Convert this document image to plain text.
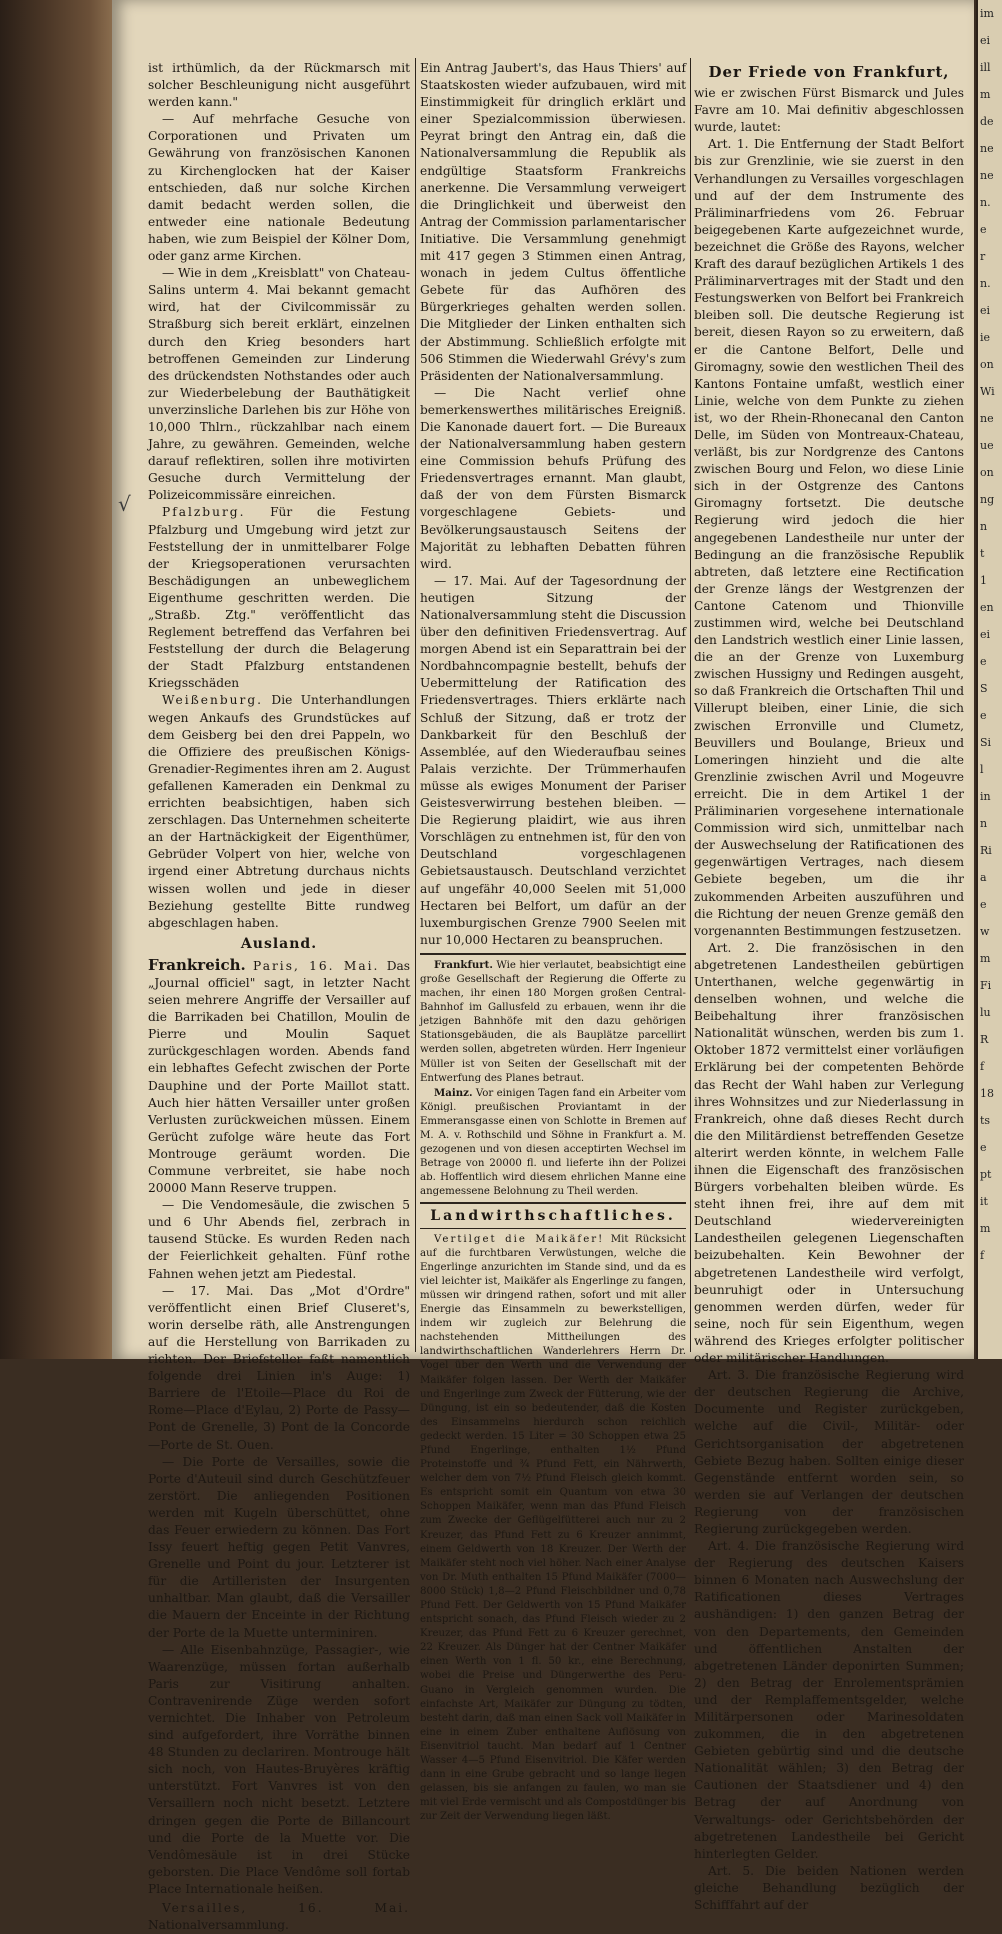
im
ei
ill
m
de
ne
ne
n.
e
r
n.
ei
ie
on
Wi
ne
ue
on
ng
n
t
1
en
ei
e
S
e
Si
l
in
n
Ri
a
e
w
m
Fi
lu
R
f
18
ts
e
pt
it
m
f
√

ist irthümlich, da der Rückmarsch mit solcher Beschleunigung nicht ausgeführt werden kann."

— Auf mehrfache Gesuche von Corporationen und Privaten um Gewährung von französischen Kanonen zu Kirchenglocken hat der Kaiser entschieden, daß nur solche Kirchen damit bedacht werden sollen, die entweder eine nationale Bedeutung haben, wie zum Beispiel der Kölner Dom, oder ganz arme Kirchen.

— Wie in dem „Kreisblatt" von Chateau-Salins unterm 4. Mai bekannt gemacht wird, hat der Civilcommissär zu Straßburg sich bereit erklärt, einzelnen durch den Krieg besonders hart betroffenen Gemeinden zur Linderung des drückendsten Nothstandes oder auch zur Wiederbelebung der Bauthätigkeit unverzinsliche Darlehen bis zur Höhe von 10,000 Thlrn., rückzahlbar nach einem Jahre, zu gewähren. Gemeinden, welche darauf reflektiren, sollen ihre motivirten Gesuche durch Vermittelung der Polizeicommissäre einreichen.

Pfalzburg. Für die Festung Pfalzburg und Umgebung wird jetzt zur Feststellung der in unmittelbarer Folge der Kriegsoperationen verursachten Beschädigungen an unbeweglichem Eigenthume geschritten werden. Die „Straßb. Ztg." veröffentlicht das Reglement betreffend das Verfahren bei Feststellung der durch die Belagerung der Stadt Pfalzburg entstandenen Kriegsschäden

Weißenburg. Die Unterhandlungen wegen Ankaufs des Grundstückes auf dem Geisberg bei den drei Pappeln, wo die Offiziere des preußischen Königs-Grenadier-Regimentes ihren am 2. August gefallenen Kameraden ein Denkmal zu errichten beabsichtigen, haben sich zerschlagen. Das Unternehmen scheiterte an der Hartnäckigkeit der Eigenthümer, Gebrüder Volpert von hier, welche von irgend einer Abtretung durchaus nichts wissen wollen und jede in dieser Beziehung gestellte Bitte rundweg abgeschlagen haben.

Ausland.

Frankreich. Paris, 16. Mai. Das „Journal officiel" sagt, in letzter Nacht seien mehrere Angriffe der Versailler auf die Barrikaden bei Chatillon, Moulin de Pierre und Moulin Saquet zurückgeschlagen worden. Abends fand ein lebhaftes Gefecht zwischen der Porte Dauphine und der Porte Maillot statt. Auch hier hätten Versailler unter großen Verlusten zurückweichen müssen. Einem Gerücht zufolge wäre heute das Fort Montrouge geräumt worden. Die Commune verbreitet, sie habe noch 20000 Mann Reserve truppen.

— Die Vendomesäule, die zwischen 5 und 6 Uhr Abends fiel, zerbrach in tausend Stücke. Es wurden Reden nach der Feierlichkeit gehalten. Fünf rothe Fahnen wehen jetzt am Piedestal.

— 17. Mai. Das „Mot d'Ordre" veröffentlicht einen Brief Cluseret's, worin derselbe räth, alle Anstrengungen auf die Herstellung von Barrikaden zu richten. Der Briefsteller faßt namentlich folgende drei Linien in's Auge: 1) Barriere de l'Etoile—Place du Roi de Rome—Place d'Eylau, 2) Porte de Passy—Pont de Grenelle, 3) Pont de la Concorde—Porte de St. Ouen.

— Die Porte de Versailles, sowie die Porte d'Auteuil sind durch Geschützfeuer zerstört. Die anliegenden Positionen werden mit Kugeln überschüttet, ohne das Feuer erwiedern zu können. Das Fort Issy feuert heftig gegen Petit Vanvres, Grenelle und Point du jour. Letzterer ist für die Artilleristen der Insurgenten unhaltbar. Man glaubt, daß die Versailler die Mauern der Enceinte in der Richtung der Porte de la Muette unterminiren.

— Alle Eisenbahnzüge, Passagier-, wie Waarenzüge, müssen fortan außerhalb Paris zur Visitirung anhalten. Contravenirende Züge werden sofort vernichtet. Die Inhaber von Petroleum sind aufgefordert, ihre Vorräthe binnen 48 Stunden zu declariren. Montrouge hält sich noch, von Hautes-Bruyères kräftig unterstützt. Fort Vanvres ist von den Versaillern noch nicht besetzt. Letztere dringen gegen die Porte de Billancourt und die Porte de la Muette vor. Die Vendômesäule ist in drei Stücke geborsten. Die Place Vendôme soll fortab Place Internationale heißen.

Versailles, 16. Mai. Nationalversammlung.

Ein Antrag Jaubert's, das Haus Thiers' auf Staatskosten wieder aufzubauen, wird mit Einstimmigkeit für dringlich erklärt und einer Spezialcommission überwiesen. Peyrat bringt den Antrag ein, daß die Nationalversammlung die Republik als endgültige Staatsform Frankreichs anerkenne. Die Versammlung verweigert die Dringlichkeit und überweist den Antrag der Commission parlamentarischer Initiative. Die Versammlung genehmigt mit 417 gegen 3 Stimmen einen Antrag, wonach in jedem Cultus öffentliche Gebete für das Aufhören des Bürgerkrieges gehalten werden sollen. Die Mitglieder der Linken enthalten sich der Abstimmung. Schließlich erfolgte mit 506 Stimmen die Wiederwahl Grévy's zum Präsidenten der Nationalversammlung.

— Die Nacht verlief ohne bemerkenswerthes militärisches Ereigniß. Die Kanonade dauert fort. — Die Bureaux der Nationalversammlung haben gestern eine Commission behufs Prüfung des Friedensvertrages ernannt. Man glaubt, daß der von dem Fürsten Bismarck vorgeschlagene Gebiets- und Bevölkerungsaustausch Seitens der Majorität zu lebhaften Debatten führen wird.

— 17. Mai. Auf der Tagesordnung der heutigen Sitzung der Nationalversammlung steht die Discussion über den definitiven Friedensvertrag. Auf morgen Abend ist ein Separattrain bei der Nordbahncompagnie bestellt, behufs der Uebermittelung der Ratification des Friedensvertrages. Thiers erklärte nach Schluß der Sitzung, daß er trotz der Dankbarkeit für den Beschluß der Assemblée, auf den Wiederaufbau seines Palais verzichte. Der Trümmerhaufen müsse als ewiges Monument der Pariser Geistesverwirrung bestehen bleiben. — Die Regierung plaidirt, wie aus ihren Vorschlägen zu entnehmen ist, für den von Deutschland vorgeschlagenen Gebietsaustausch. Deutschland verzichtet auf ungefähr 40,000 Seelen mit 51,000 Hectaren bei Belfort, um dafür an der luxemburgischen Grenze 7900 Seelen mit nur 10,000 Hectaren zu beanspruchen.

Frankfurt. Wie hier verlautet, beabsichtigt eine große Gesellschaft der Regierung die Offerte zu machen, ihr einen 180 Morgen großen Central-Bahnhof im Gallusfeld zu erbauen, wenn ihr die jetzigen Bahnhöfe mit den dazu gehörigen Stationsgebäuden, die als Bauplätze parcellirt werden sollen, abgetreten würden. Herr Ingenieur Müller ist von Seiten der Gesellschaft mit der Entwerfung des Planes betraut.

Mainz. Vor einigen Tagen fand ein Arbeiter vom Königl. preußischen Proviantamt in der Emmeransgasse einen von Schlotte in Bremen auf M. A. v. Rothschild und Söhne in Frankfurt a. M. gezogenen und von diesen acceptirten Wechsel im Betrage von 20000 fl. und lieferte ihn der Polizei ab. Hoffentlich wird diesem ehrlichen Manne eine angemessene Belohnung zu Theil werden.

Landwirthschaftliches.

Vertilget die Maikäfer! Mit Rücksicht auf die furchtbaren Verwüstungen, welche die Engerlinge anzurichten im Stande sind, und da es viel leichter ist, Maikäfer als Engerlinge zu fangen, müssen wir dringend rathen, sofort und mit aller Energie das Einsammeln zu bewerkstelligen, indem wir zugleich zur Belehrung die nachstehenden Mittheilungen des landwirthschaftlichen Wanderlehrers Herrn Dr. Vogel über den Werth und die Verwendung der Maikäfer folgen lassen. Der Werth der Maikäfer und Engerlinge zum Zweck der Fütterung, wie der Düngung, ist ein so bedeutender, daß die Kosten des Einsammelns hierdurch schon reichlich gedeckt werden. 15 Liter = 30 Schoppen etwa 25 Pfund Engerlinge, enthalten 1½ Pfund Proteinstoffe und ¾ Pfund Fett, ein Nährwerth, welcher dem von 7½ Pfund Fleisch gleich kommt. Es entspricht somit ein Quantum von etwa 30 Schoppen Maikäfer, wenn man das Pfund Fleisch zum Zwecke der Geflügelfütterei auch nur zu 2 Kreuzer, das Pfund Fett zu 6 Kreuzer annimmt, einem Geldwerth von 18 Kreuzer. Der Werth der Maikäfer steht noch viel höher. Nach einer Analyse von Dr. Muth enthalten 15 Pfund Maikäfer (7000—8000 Stück) 1,8—2 Pfund Fleischbildner und 0,78 Pfund Fett. Der Geldwerth von 15 Pfund Maikäfer entspricht sonach, das Pfund Fleisch wieder zu 2 Kreuzer, das Pfund Fett zu 6 Kreuzer gerechnet, 22 Kreuzer. Als Dünger hat der Centner Maikäfer einen Werth von 1 fl. 50 kr., eine Berechnung, wobei die Preise und Düngerwerthe des Peru-Guano in Vergleich genommen wurden. Die einfachste Art, Maikäfer zur Düngung zu tödten, besteht darin, daß man einen Sack voll Maikäfer in eine in einem Zuber enthaltene Auflösung von Eisenvitriol taucht. Man bedarf auf 1 Centner Wasser 4—5 Pfund Eisenvitriol. Die Käfer werden dann in eine Grube gebracht und so lange liegen gelassen, bis sie anfangen zu faulen, wo man sie mit viel Erde vermischt und als Compostdünger bis zur Zeit der Verwendung liegen läßt.

Der Friede von Frankfurt,

wie er zwischen Fürst Bismarck und Jules Favre am 10. Mai definitiv abgeschlossen wurde, lautet:

Art. 1. Die Entfernung der Stadt Belfort bis zur Grenzlinie, wie sie zuerst in den Verhandlungen zu Versailles vorgeschlagen und auf der dem Instrumente des Präliminarfriedens vom 26. Februar beigegebenen Karte aufgezeichnet wurde, bezeichnet die Größe des Rayons, welcher Kraft des darauf bezüglichen Artikels 1 des Präliminarvertrages mit der Stadt und den Festungswerken von Belfort bei Frankreich bleiben soll. Die deutsche Regierung ist bereit, diesen Rayon so zu erweitern, daß er die Cantone Belfort, Delle und Giromagny, sowie den westlichen Theil des Kantons Fontaine umfaßt, westlich einer Linie, welche von dem Punkte zu ziehen ist, wo der Rhein-Rhonecanal den Canton Delle, im Süden von Montreaux-Chateau, verläßt, bis zur Nordgrenze des Cantons zwischen Bourg und Felon, wo diese Linie sich in der Ostgrenze des Cantons Giromagny fortsetzt. Die deutsche Regierung wird jedoch die hier angegebenen Landestheile nur unter der Bedingung an die französische Republik abtreten, daß letztere eine Rectification der Grenze längs der Westgrenzen der Cantone Catenom und Thionville zustimmen wird, welche bei Deutschland den Landstrich westlich einer Linie lassen, die an der Grenze von Luxemburg zwischen Hussigny und Redingen ausgeht, so daß Frankreich die Ortschaften Thil und Villerupt bleiben, einer Linie, die sich zwischen Erronville und Clumetz, Beuvillers und Boulange, Brieux und Lomeringen hinzieht und die alte Grenzlinie zwischen Avril und Mogeuvre erreicht. Die in dem Artikel 1 der Präliminarien vorgesehene internationale Commission wird sich, unmittelbar nach der Auswechselung der Ratificationen des gegenwärtigen Vertrages, nach diesem Gebiete begeben, um die ihr zukommenden Arbeiten auszuführen und die Richtung der neuen Grenze gemäß den vorgenannten Bestimmungen festzusetzen.

Art. 2. Die französischen in den abgetretenen Landestheilen gebürtigen Unterthanen, welche gegenwärtig in denselben wohnen, und welche die Beibehaltung ihrer französischen Nationalität wünschen, werden bis zum 1. Oktober 1872 vermittelst einer vorläufigen Erklärung bei der competenten Behörde das Recht der Wahl haben zur Verlegung ihres Wohnsitzes und zur Niederlassung in Frankreich, ohne daß dieses Recht durch die den Militärdienst betreffenden Gesetze alterirt werden könnte, in welchem Falle ihnen die Eigenschaft des französischen Bürgers vorbehalten bleiben würde. Es steht ihnen frei, ihre auf dem mit Deutschland wiedervereinigten Landestheilen gelegenen Liegenschaften beizubehalten. Kein Bewohner der abgetretenen Landestheile wird verfolgt, beunruhigt oder in Untersuchung genommen werden dürfen, weder für seine, noch für sein Eigenthum, wegen während des Krieges erfolgter politischer oder militärischer Handlungen.

Art. 3. Die französische Regierung wird der deutschen Regierung die Archive, Documente und Register zurückgeben, welche auf die Civil-, Militär- oder Gerichtsorganisation der abgetretenen Gebiete Bezug haben. Sollten einige dieser Gegenstände entfernt worden sein, so werden sie auf Verlangen der deutschen Regierung von der französischen Regierung zurückgegeben werden.

Art. 4. Die französische Regierung wird der Regierung des deutschen Kaisers binnen 6 Monaten nach Auswechslung der Ratificationen dieses Vertrages aushändigen: 1) den ganzen Betrag der von den Departements, den Gemeinden und öffentlichen Anstalten der abgetretenen Länder deponirten Summen; 2) den Betrag der Enrolementsprämien und der Remplaffementsgelder, welche Militärpersonen oder Marinesoldaten zukommen, die in den abgetretenen Gebieten gebürtig sind und die deutsche Nationalität wählen; 3) den Betrag der Cautionen der Staatsdiener und 4) den Betrag der auf Anordnung von Verwaltungs- oder Gerichtsbehörden der abgetretenen Landestheile bei Gericht hinterlegten Gelder.

Art. 5. Die beiden Nationen werden gleiche Behandlung bezüglich der Schifffahrt auf der
